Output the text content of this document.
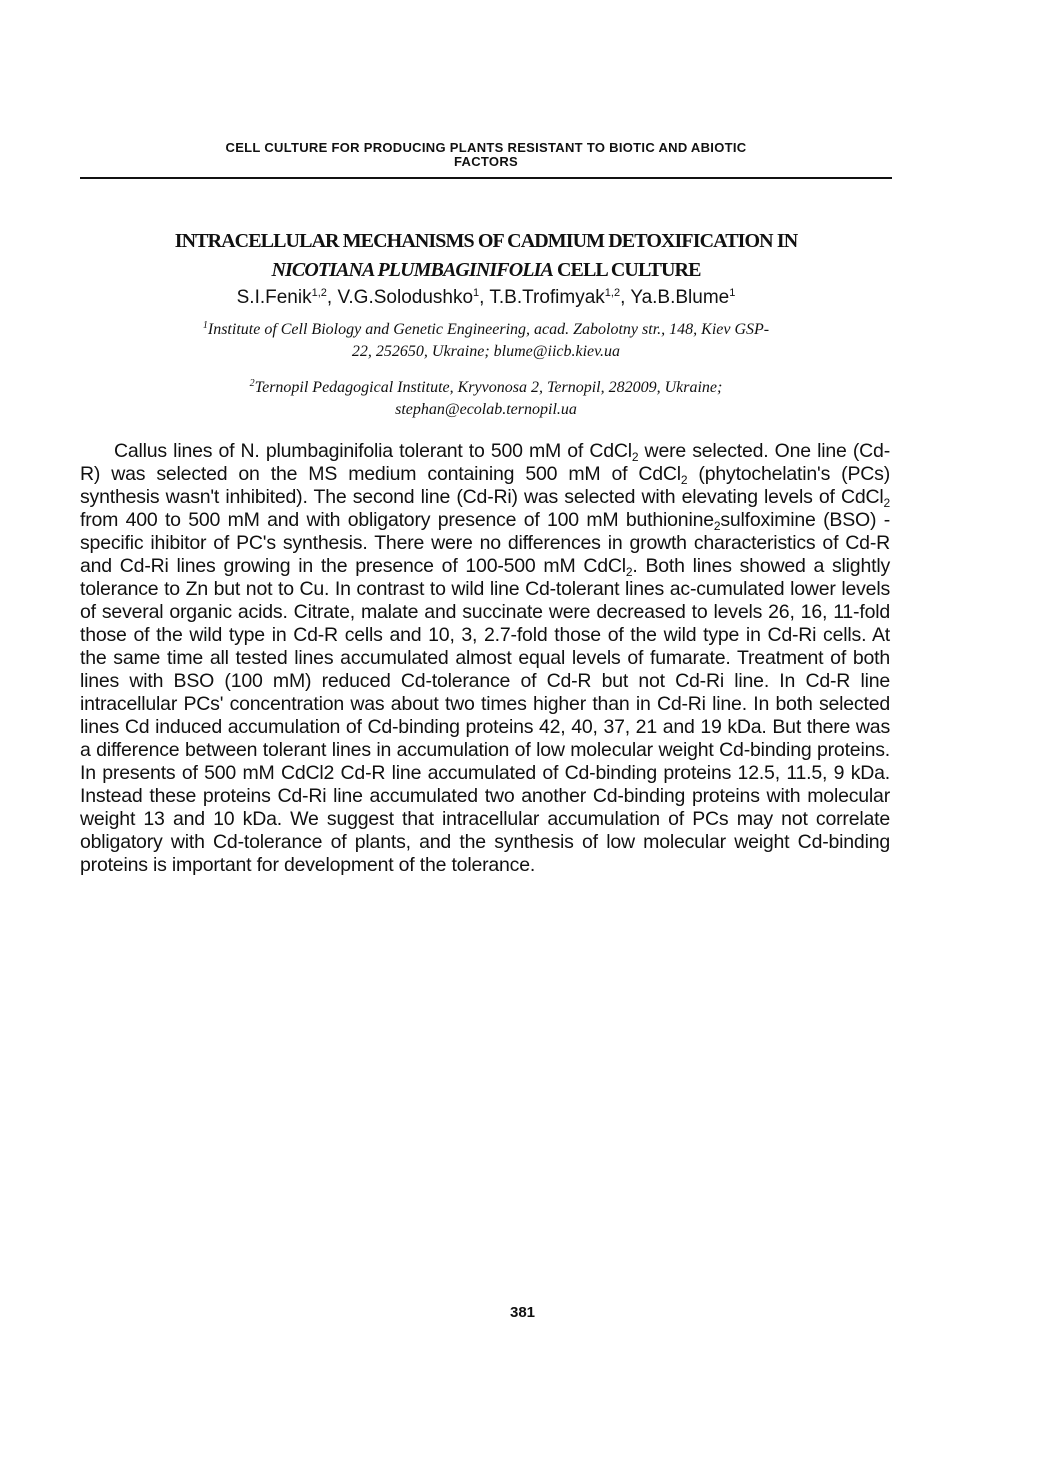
CELL CULTURE FOR PRODUCING PLANTS RESISTANT TO BIOTIC AND ABIOTIC
FACTORS
INTRACELLULAR MECHANISMS OF CADMIUM DETOXIFICATION IN
NICOTIANA PLUMBAGINIFOLIA CELL CULTURE
S.I.Fenik$^{1,2}$, V.G.Solodushko$^1$, T.B.Trofimyak$^{1,2}$, Ya.B.Blume$^1$
$^1$Institute of Cell Biology and Genetic Engineering, acad. Zabolotny str., 148, Kiev GSP-
22, 252650, Ukraine; blume@iicb.kiev.ua
$^2$Ternopil Pedagogical Institute, Kryvonosa 2, Ternopil, 282009, Ukraine;
stephan@ecolab.ternopil.ua
Callus lines of N. plumbaginifolia tolerant to 500 mM of CdCl$_2$ were selected. One line (Cd-R) was selected on the MS medium containing 500 mM of CdCl$_2$ (phytochelatin's (PCs) synthesis wasn't inhibited). The second line (Cd-Ri) was selected with elevating levels of CdCl$_2$ from 400 to 500 mM and with obligatory presence of 100 mM buthionine$_2$sulfoximine (BSO) - specific ihibitor of PC's synthesis. There were no differences in growth characteristics of Cd-R and Cd-Ri lines growing in the presence of 100-500 mM CdCl$_2$. Both lines showed a slightly tolerance to Zn but not to Cu. In contrast to wild line Cd-tolerant lines ac-cumulated lower levels of several organic acids. Citrate, malate and succinate were decreased to levels 26, 16, 11-fold those of the wild type in Cd-R cells and 10, 3, 2.7-fold those of the wild type in Cd-Ri cells. At the same time all tested lines accumulated almost equal levels of fumarate. Treatment of both lines with BSO (100 mM) reduced Cd-tolerance of Cd-R but not Cd-Ri line. In Cd-R line intracellular PCs' concentration was about two times higher than in Cd-Ri line. In both selected lines Cd induced accumulation of Cd-binding proteins 42, 40, 37, 21 and 19 kDa. But there was a difference between tolerant lines in accumulation of low molecular weight Cd-binding proteins. In presents of 500 mM CdCl2 Cd-R line accumulated of Cd-binding proteins 12.5, 11.5, 9 kDa. Instead these proteins Cd-Ri line accumulated two another Cd-binding proteins with molecular weight 13 and 10 kDa. We suggest that intracellular accumulation of PCs may not correlate obligatory with Cd-tolerance of plants, and the synthesis of low molecular weight Cd-binding proteins is important for development of the tolerance.
381
